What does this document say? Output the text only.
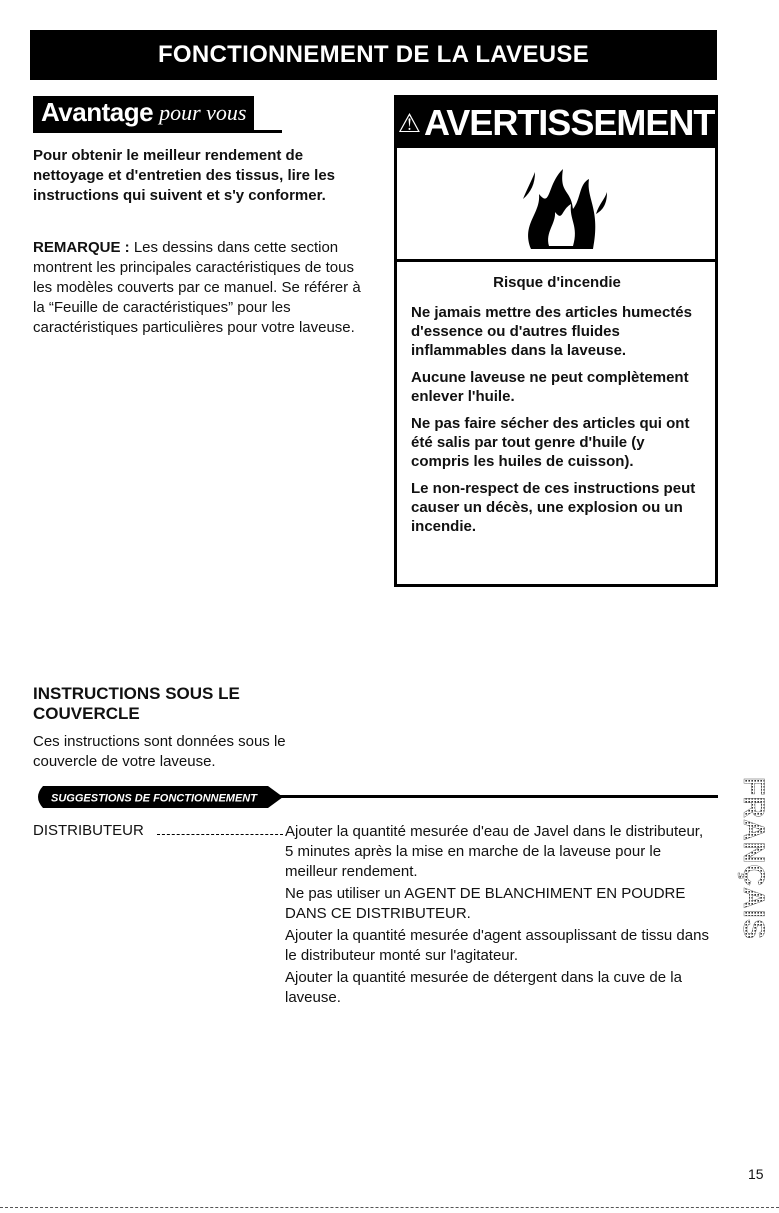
FONCTIONNEMENT DE LA LAVEUSE
Avantage pour vous
Pour obtenir le meilleur rendement de nettoyage et d'entretien des tissus, lire les instructions qui suivent et s'y conformer.
REMARQUE : Les dessins dans cette section montrent les principales caractéristiques de tous les modèles couverts par ce manuel. Se référer à la “Feuille de caractéristiques” pour les caractéristiques particulières pour votre laveuse.
⚠ AVERTISSEMENT
Risque d'incendie

Ne jamais mettre des articles humectés d'essence ou d'autres fluides inflammables dans la laveuse.

Aucune laveuse ne peut complètement enlever l'huile.

Ne pas faire sécher des articles qui ont été salis par tout genre d'huile (y compris les huiles de cuisson).

Le non-respect de ces instructions peut causer un décès, une explosion ou un incendie.

INSTRUCTIONS SOUS LE COUVERCLE
Ces instructions sont données sous le couvercle de votre laveuse.
SUGGESTIONS DE FONCTIONNEMENT
DISTRIBUTEUR	Ajouter la quantité mesurée d'eau de Javel dans le distributeur, 5 minutes après la mise en marche de la laveuse pour le meilleur rendement.

Ne pas utiliser un AGENT DE BLANCHIMENT EN POUDRE DANS CE DISTRIBUTEUR.

Ajouter la quantité mesurée d'agent assouplissant de tissu dans le distributeur monté sur l'agitateur.

Ajouter la quantité mesurée de détergent dans la cuve de la laveuse.

FRANÇAIS
15
